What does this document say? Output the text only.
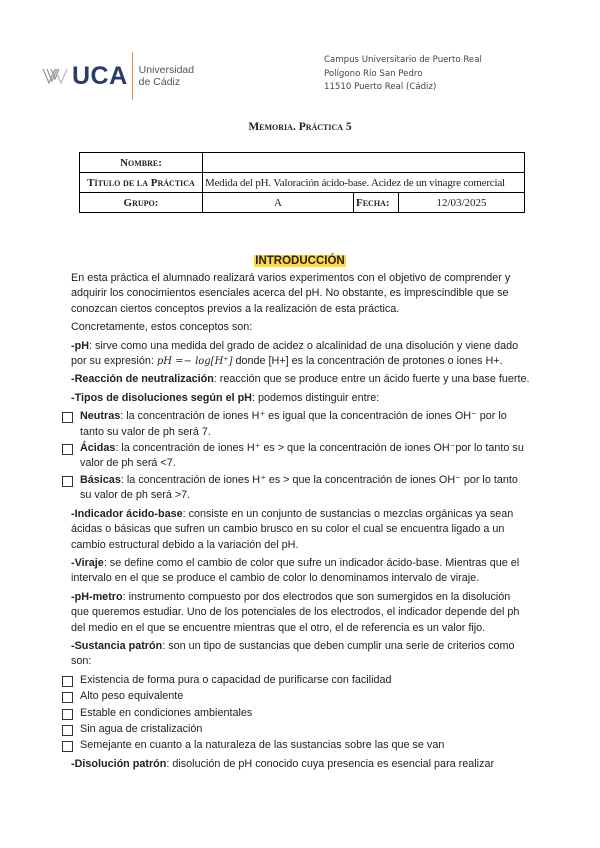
UCA Universidad
de Cádiz
Campus Universitario de Puerto Real
Polígono Río San Pedro
11510 Puerto Real (Cádiz)
Memoria. Práctica 5
Nombre:			
Título de la Práctica	Medida del pH. Valoración ácido-base. Acidez de un vinagre comercial		
Grupo:	A	Fecha:	12/03/2025
INTRODUCCIÓN

En esta práctica el alumnado realizará varios experimentos con el objetivo de comprender y adquirir los conocimientos esenciales acerca del pH. No obstante, es imprescindible que se conozcan ciertos conceptos previos a la realización de esta práctica.

Concretamente, estos conceptos son:

-pH: sirve como una medida del grado de acidez o alcalinidad de una disolución y viene dado por su expresión: pH =− log[H⁺] donde [H+] es la concentración de protones o iones H+.

-Reacción de neutralización: reacción que se produce entre un ácido fuerte y una base fuerte.

-Tipos de disoluciones según el pH: podemos distinguir entre:

Neutras: la concentración de iones H⁺ es igual que la concentración de iones OH⁻ por lo tanto su valor de ph será 7.
Ácidas: la concentración de iones H⁺ es > que la concentración de iones OH⁻por lo tanto su valor de ph será <7.
Básicas: la concentración de iones H⁺ es > que la concentración de iones OH⁻ por lo tanto su valor de ph será >7.

-Indicador ácido-base: consiste en un conjunto de sustancias o mezclas orgánicas ya sean ácidas o básicas que sufren un cambio brusco en su color el cual se encuentra ligado a un cambio estructural debido a la variación del pH.

-Viraje: se define como el cambio de color que sufre un indicador ácido-base. Mientras que el intervalo en el que se produce el cambio de color lo denominamos intervalo de viraje.

-pH-metro: instrumento compuesto por dos electrodos que son sumergidos en la disolución que queremos estudiar. Uno de los potenciales de los electrodos, el indicador depende del ph del medio en el que se encuentre mientras que el otro, el de referencia es un valor fijo.

-Sustancia patrón: son un tipo de sustancias que deben cumplir una serie de criterios como son:

Existencia de forma pura o capacidad de purificarse con facilidad
Alto peso equivalente
Estable en condiciones ambientales
Sin agua de cristalización
Semejante en cuanto a la naturaleza de las sustancias sobre las que se van

-Disolución patrón: disolución de pH conocido cuya presencia es esencial para realizar
